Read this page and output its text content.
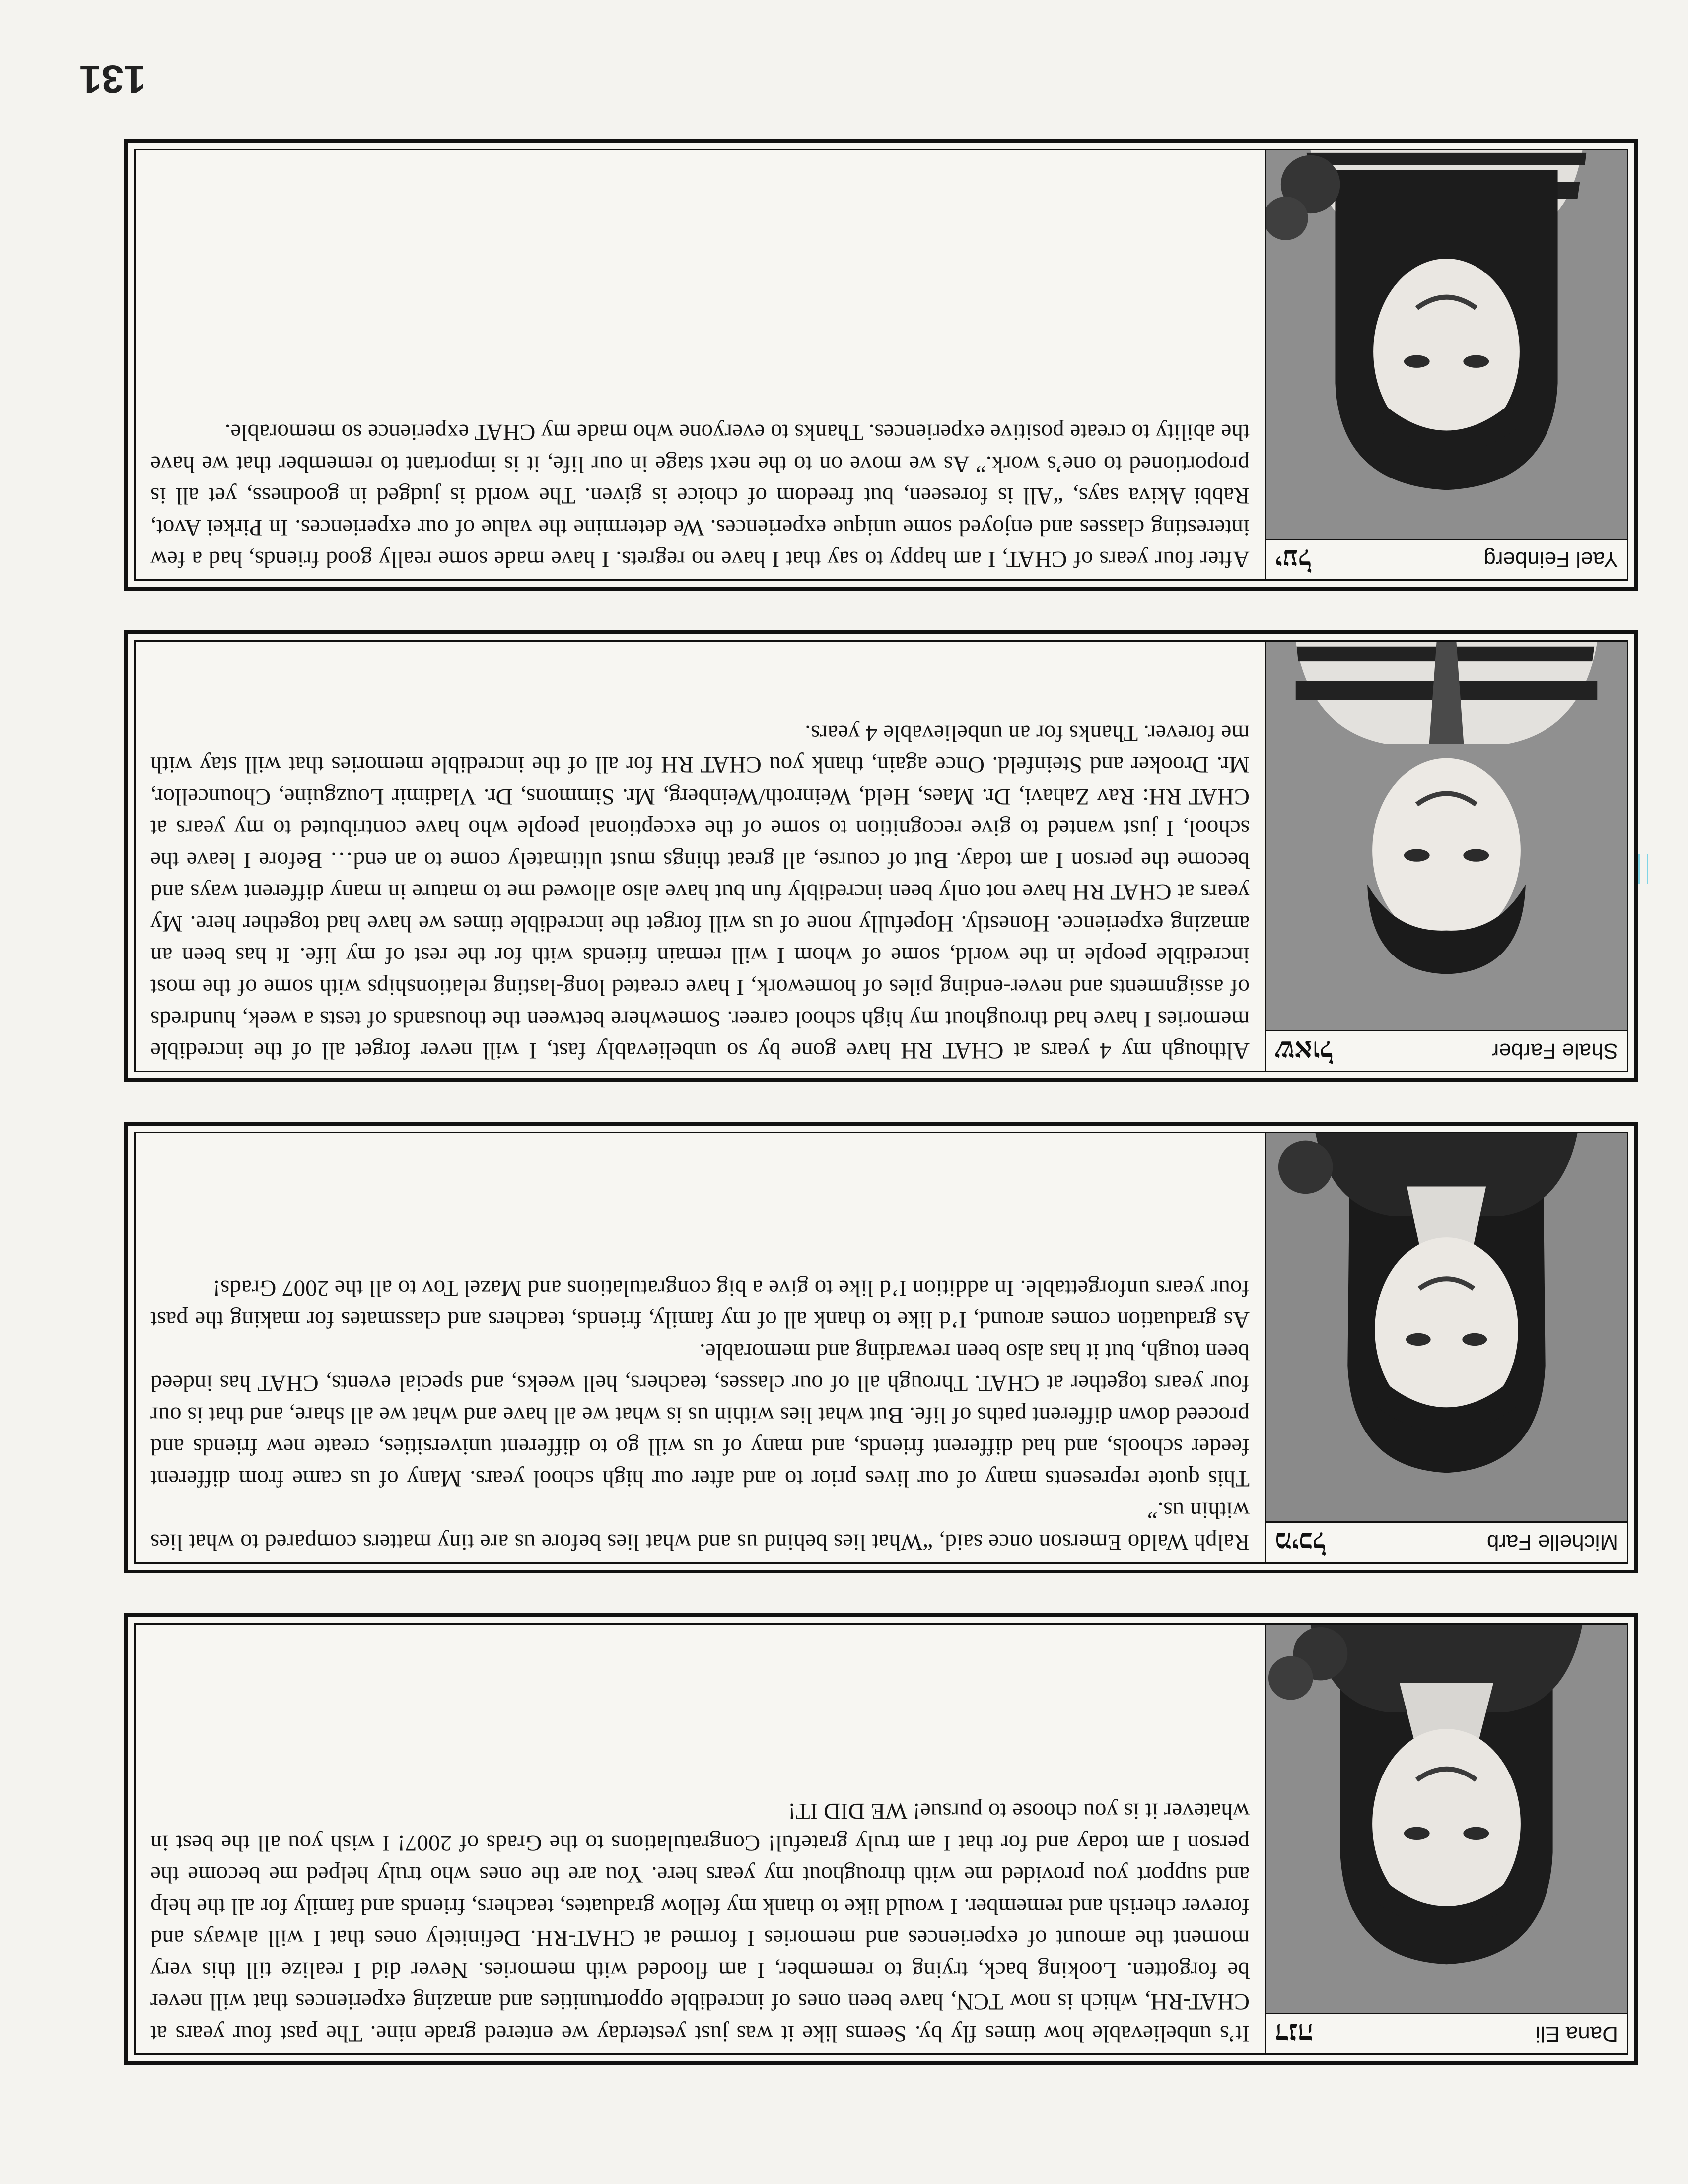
Dana Eli
דנה

It’s unbelievable how times fly by. Seems like it was just yesterday we entered grade nine. The past four years at CHAT-RH, which is now TCN, have been ones of incredible opportunities and amazing experiences that will never be forgotten. Looking back, trying to remember, I am flooded with memories. Never did I realize till this very moment the amount of experiences and memories I formed at CHAT-RH. Definitely ones that I will always and forever cherish and remember. I would like to thank my fellow graduates, teachers, friends and family for all the help and support you provided me with throughout my years here. You are the ones who truly helped me become the person I am today and for that I am truly grateful! Congratulations to the Grads of 2007! I wish you all the best in whatever it is you choose to pursue! WE DID IT!

Michelle Farb
מיכל

Ralph Waldo Emerson once said, “What lies behind us and what lies before us are tiny matters compared to what lies within us.”

This quote represents many of our lives prior to and after our high school years. Many of us came from different feeder schools, and had different friends, and many of us will go to different universities, create new friends and proceed down different paths of life. But what lies within us is what we all have and what we all share, and that is our four years together at CHAT. Through all of our classes, teachers, hell weeks, and special events, CHAT has indeed been tough, but it has also been rewarding and memorable.

As graduation comes around, I’d like to thank all of my family, friends, teachers and classmates for making the past four years unforgettable. In addition I’d like to give a big congratulations and Mazel Tov to all the 2007 Grads!

Shale Farber
שאול

Although my 4 years at CHAT RH have gone by so unbelievably fast, I will never forget all of the incredible memories I have had throughout my high school career. Somewhere between the thousands of tests a week, hundreds of assignments and never-ending piles of homework, I have created long-lasting relationships with some of the most incredible people in the world, some of whom I will remain friends with for the rest of my life. It has been an amazing experience. Honestly. Hopefully none of us will forget the incredible times we have had together here. My years at CHAT RH have not only been incredibly fun but have also allowed me to mature in many different ways and become the person I am today. But of course, all great things must ultimately come to an end… Before I leave the school, I just wanted to give recognition to some of the exceptional people who have contributed to my years at CHAT RH: Rav Zahavi, Dr. Maes, Held, Weinroth/Weinberg, Mr. Simmons, Dr. Vladimir Louzguine, Chouncellor, Mr. Drooker and Steinfeld. Once again, thank you CHAT RH for all of the incredible memories that will stay with me forever. Thanks for an unbelievable 4 years.

Yael Feinberg
יעל

After four years of CHAT, I am happy to say that I have no regrets. I have made some really good friends, had a few interesting classes and enjoyed some unique experiences. We determine the value of our experiences. In Pirkei Avot, Rabbi Akiva says, “All is foreseen, but freedom of choice is given. The world is judged in goodness, yet all is proportioned to one’s work.” As we move on to the next stage in our life, it is important to remember that we have the ability to create positive experiences. Thanks to everyone who made my CHAT experience so memorable.

131
